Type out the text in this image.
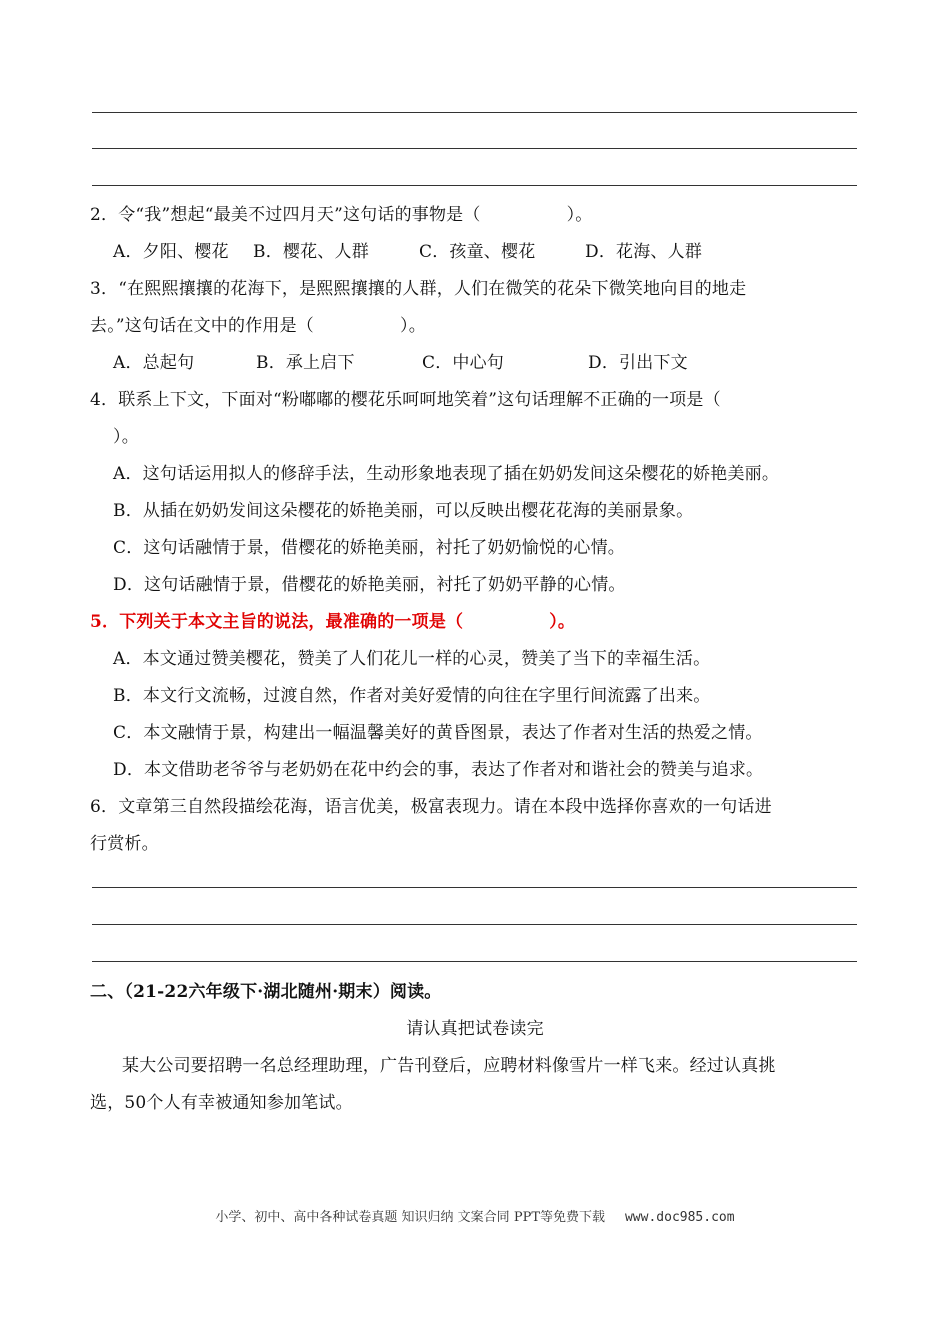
2．令“我”想起“最美不过四月天”这句话的事物是（　　　　　）。
A．夕阳、樱花 B．樱花、人群	C．孩童、樱花	D．花海、人群
3．“在熙熙攘攘的花海下，是熙熙攘攘的人群，人们在微笑的花朵下微笑地向目的地走
去。”这句话在文中的作用是（　　　　　）。
A．总起句	B．承上启下	C．中心句	D．引出下文
4．联系上下文，下面对“粉嘟嘟的樱花乐呵呵地笑着”这句话理解不正确的一项是（
）。
A．这句话运用拟人的修辞手法，生动形象地表现了插在奶奶发间这朵樱花的娇艳美丽。
B．从插在奶奶发间这朵樱花的娇艳美丽，可以反映出樱花花海的美丽景象。
C．这句话融情于景，借樱花的娇艳美丽，衬托了奶奶愉悦的心情。
D．这句话融情于景，借樱花的娇艳美丽，衬托了奶奶平静的心情。
5．下列关于本文主旨的说法，最准确的一项是（　　　　　）。
A．本文通过赞美樱花，赞美了人们花儿一样的心灵，赞美了当下的幸福生活。
B．本文行文流畅，过渡自然，作者对美好爱情的向往在字里行间流露了出来。
C．本文融情于景，构建出一幅温馨美好的黄昏图景，表达了作者对生活的热爱之情。
D．本文借助老爷爷与老奶奶在花中约会的事，表达了作者对和谐社会的赞美与追求。
6．文章第三自然段描绘花海，语言优美，极富表现力。请在本段中选择你喜欢的一句话进
行赏析。
二、（21-22六年级下·湖北随州·期末）阅读。
请认真把试卷读完
某大公司要招聘一名总经理助理，广告刊登后，应聘材料像雪片一样飞来。经过认真挑
选，50个人有幸被通知参加笔试。
小学、初中、高中各种试卷真题 知识归纳 文案合同 PPT等免费下载 www.doc985.com
